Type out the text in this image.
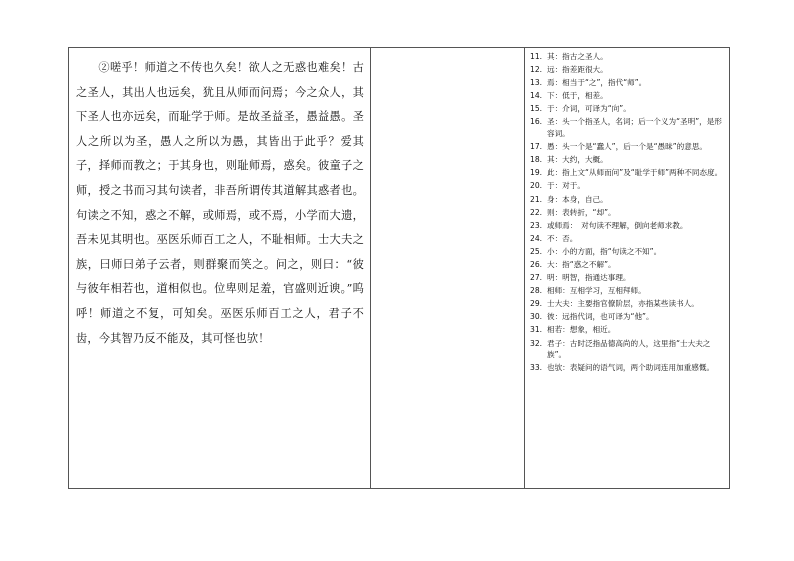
②嗟乎！师道之不传也久矣！欲人之无惑也难矣！古之圣人，其出人也远矣，犹且从师而问焉；今之众人，其下圣人也亦远矣，而耻学于师。是故圣益圣，愚益愚。圣人之所以为圣，愚人之所以为愚，其皆出于此乎？爱其子，择师而教之；于其身也，则耻师焉，惑矣。彼童子之师，授之书而习其句读者，非吾所谓传其道解其惑者也。句读之不知，惑之不解，或师焉，或不焉，小学而大遗，吾未见其明也。巫医乐师百工之人，不耻相师。士大夫之族，曰师曰弟子云者，则群聚而笑之。问之，则曰：“彼与彼年相若也，道相似也。位卑则足羞，官盛则近谀。”呜呼！师道之不复，可知矣。巫医乐师百工之人，君子不齿，今其智乃反不能及，其可怪也欤！

11. 其：指古之圣人。
12. 远：指差距很大。
13. 焉：相当于“之”，指代“师”。
14. 下：低于，相差。
15. 于：介词，可译为“向”。
16. 圣：头一个指圣人，名词；后一个义为“圣明”，是形容词。
17. 愚：头一个是“蠢人”，后一个是“愚昧”的意思。
18. 其：大约，大概。
19. 此：指上文“从师而问”及“耻学于师”两种不同态度。
20. 于：对于。
21. 身：本身，自己。
22. 则：表转折，“却”。
23. 或师焉：　对句读不理解，倒向老师求教。
24. 不：否。
25. 小：小的方面，指“句读之不知”。
26. 大：指“惑之不解”。
27. 明：明智，指通达事理。
28. 相师：互相学习，互相拜师。
29. 士大夫：主要指官僚阶层，亦指某些读书人。
30. 彼：远指代词，也可译为“他”。
31. 相若：想象，相近。
32. 君子：古时泛指品德高尚的人，这里指“士大夫之族”。
33. 也欤：表疑问的语气词，两个助词连用加重感慨。
